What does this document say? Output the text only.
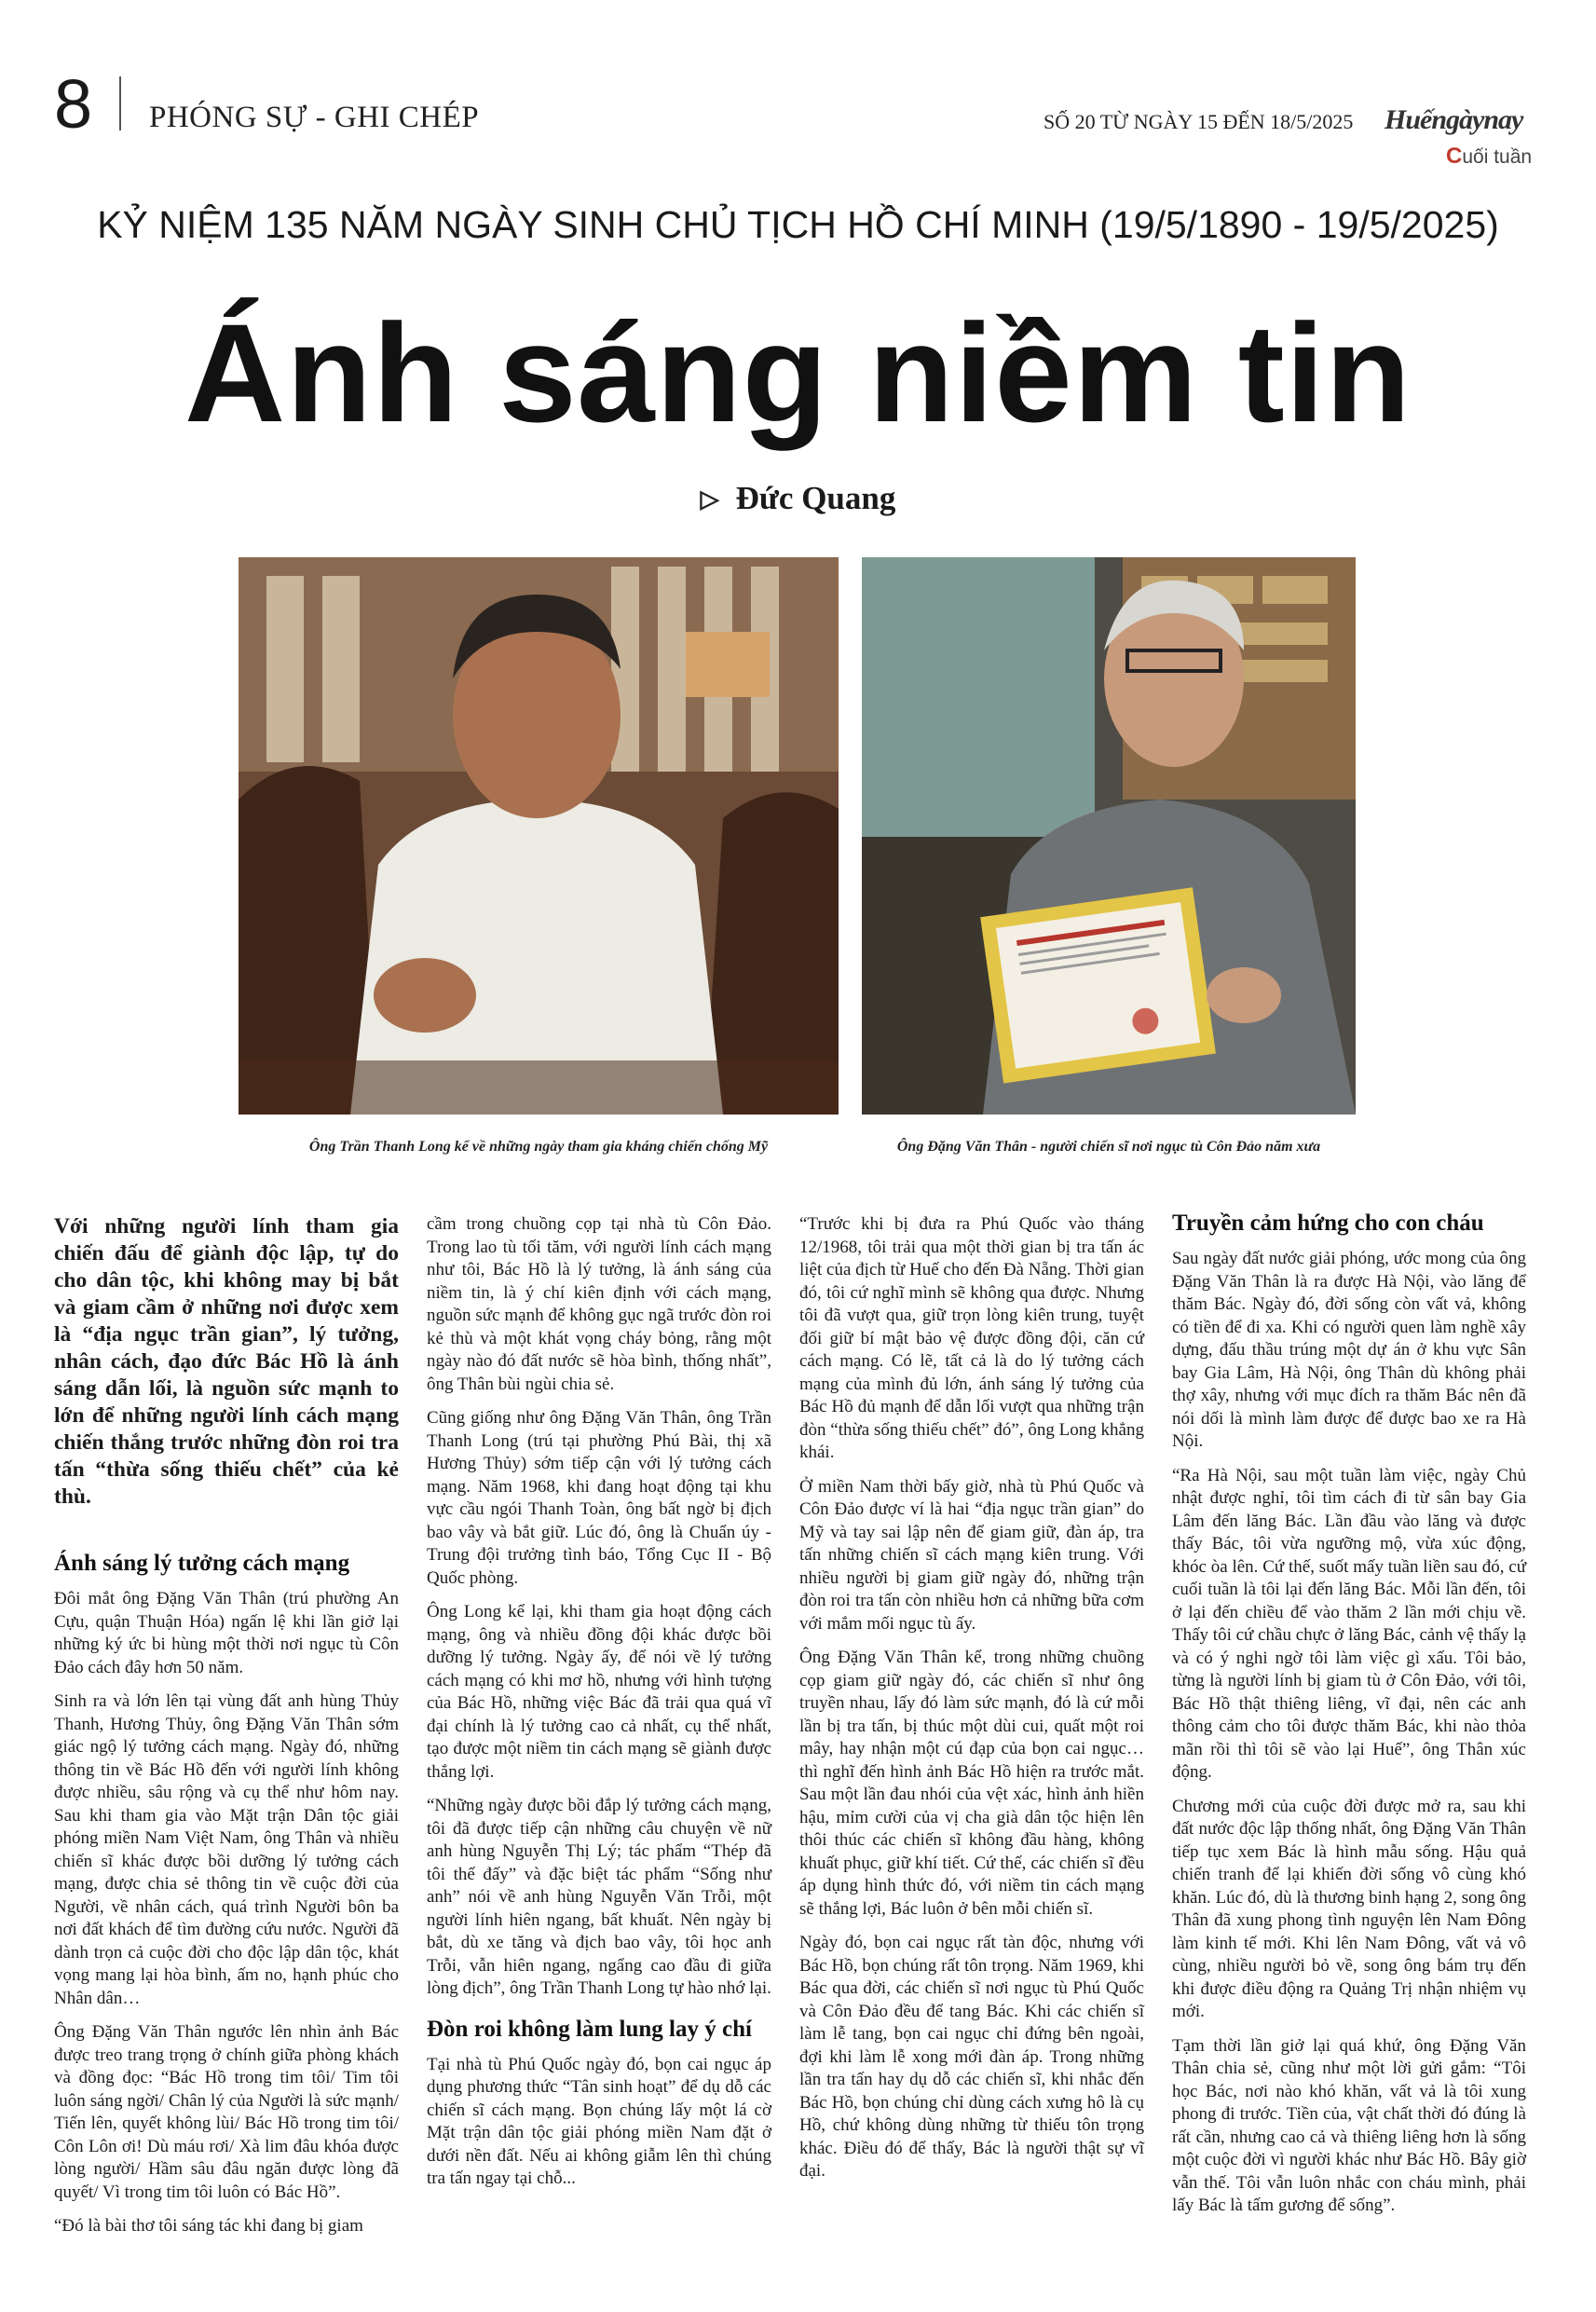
8 PHÓNG SỰ - GHI CHÉP	SỐ 20 TỪ NGÀY 15 ĐẾN 18/5/2025 Huếngàynay
Cuối tuần
KỶ NIỆM 135 NĂM NGÀY SINH CHỦ TỊCH HỒ CHÍ MINH (19/5/1890 - 19/5/2025)
Ánh sáng niềm tin
▷ Đức Quang
Ông Trần Thanh Long kể về những ngày tham gia kháng chiến chống Mỹ	Ông Đặng Văn Thân - người chiến sĩ nơi ngục tù Côn Đảo năm xưa

Với những người lính tham gia chiến đấu để giành độc lập, tự do cho dân tộc, khi không may bị bắt và giam cầm ở những nơi được xem là “địa ngục trần gian”, lý tưởng, nhân cách, đạo đức Bác Hồ là ánh sáng dẫn lối, là nguồn sức mạnh to lớn để những người lính cách mạng chiến thắng trước những đòn roi tra tấn “thừa sống thiếu chết” của kẻ thù.

Ánh sáng lý tưởng cách mạng

Đôi mắt ông Đặng Văn Thân (trú phường An Cựu, quận Thuận Hóa) ngấn lệ khi lần giở lại những ký ức bi hùng một thời nơi ngục tù Côn Đảo cách đây hơn 50 năm.

Sinh ra và lớn lên tại vùng đất anh hùng Thủy Thanh, Hương Thủy, ông Đặng Văn Thân sớm giác ngộ lý tưởng cách mạng. Ngày đó, những thông tin về Bác Hồ đến với người lính không được nhiều, sâu rộng và cụ thể như hôm nay. Sau khi tham gia vào Mặt trận Dân tộc giải phóng miền Nam Việt Nam, ông Thân và nhiều chiến sĩ khác được bồi dưỡng lý tưởng cách mạng, được chia sẻ thông tin về cuộc đời của Người, về nhân cách, quá trình Người bôn ba nơi đất khách để tìm đường cứu nước. Người đã dành trọn cả cuộc đời cho độc lập dân tộc, khát vọng mang lại hòa bình, ấm no, hạnh phúc cho Nhân dân…

Ông Đặng Văn Thân ngước lên nhìn ảnh Bác được treo trang trọng ở chính giữa phòng khách và đồng đọc: “Bác Hồ trong tim tôi/ Tim tôi luôn sáng ngời/ Chân lý của Người là sức mạnh/ Tiến lên, quyết không lùi/ Bác Hồ trong tim tôi/ Côn Lôn ơi! Dù máu rơi/ Xà lim đâu khóa được lòng người/ Hầm sâu đâu ngăn được lòng đã quyết/ Vì trong tim tôi luôn có Bác Hồ”.

“Đó là bài thơ tôi sáng tác khi đang bị giam

cầm trong chuồng cọp tại nhà tù Côn Đảo. Trong lao tù tối tăm, với người lính cách mạng như tôi, Bác Hồ là lý tưởng, là ánh sáng của niềm tin, là ý chí kiên định với cách mạng, nguồn sức mạnh để không gục ngã trước đòn roi kẻ thù và một khát vọng cháy bỏng, rằng một ngày nào đó đất nước sẽ hòa bình, thống nhất”, ông Thân bùi ngùi chia sẻ.

Cũng giống như ông Đặng Văn Thân, ông Trần Thanh Long (trú tại phường Phú Bài, thị xã Hương Thủy) sớm tiếp cận với lý tưởng cách mạng. Năm 1968, khi đang hoạt động tại khu vực cầu ngói Thanh Toàn, ông bất ngờ bị địch bao vây và bắt giữ. Lúc đó, ông là Chuẩn úy - Trung đội trưởng tình báo, Tổng Cục II - Bộ Quốc phòng.

Ông Long kể lại, khi tham gia hoạt động cách mạng, ông và nhiều đồng đội khác được bồi dưỡng lý tưởng. Ngày ấy, để nói về lý tưởng cách mạng có khi mơ hồ, nhưng với hình tượng của Bác Hồ, những việc Bác đã trải qua quá vĩ đại chính là lý tưởng cao cả nhất, cụ thể nhất, tạo được một niềm tin cách mạng sẽ giành được thắng lợi.

“Những ngày được bồi đắp lý tưởng cách mạng, tôi đã được tiếp cận những câu chuyện về nữ anh hùng Nguyễn Thị Lý; tác phẩm “Thép đã tôi thế đấy” và đặc biệt tác phẩm “Sống như anh” nói về anh hùng Nguyễn Văn Trỗi, một người lính hiên ngang, bất khuất. Nên ngày bị bắt, dù xe tăng và địch bao vây, tôi học anh Trỗi, vẫn hiên ngang, ngẩng cao đầu đi giữa lòng địch”, ông Trần Thanh Long tự hào nhớ lại.

Đòn roi không làm lung lay ý chí

Tại nhà tù Phú Quốc ngày đó, bọn cai ngục áp dụng phương thức “Tân sinh hoạt” để dụ dỗ các chiến sĩ cách mạng. Bọn chúng lấy một lá cờ Mặt trận dân tộc giải phóng miền Nam đặt ở dưới nền đất. Nếu ai không giẫm lên thì chúng tra tấn ngay tại chỗ...

“Trước khi bị đưa ra Phú Quốc vào tháng 12/1968, tôi trải qua một thời gian bị tra tấn ác liệt của địch từ Huế cho đến Đà Nẵng. Thời gian đó, tôi cứ nghĩ mình sẽ không qua được. Nhưng tôi đã vượt qua, giữ trọn lòng kiên trung, tuyệt đối giữ bí mật bảo vệ được đồng đội, căn cứ cách mạng. Có lẽ, tất cả là do lý tưởng cách mạng của mình đủ lớn, ánh sáng lý tưởng của Bác Hồ đủ mạnh để dẫn lối vượt qua những trận đòn “thừa sống thiếu chết” đó”, ông Long khẳng khái.

Ở miền Nam thời bấy giờ, nhà tù Phú Quốc và Côn Đảo được ví là hai “địa ngục trần gian” do Mỹ và tay sai lập nên để giam giữ, đàn áp, tra tấn những chiến sĩ cách mạng kiên trung. Với nhiều người bị giam giữ ngày đó, những trận đòn roi tra tấn còn nhiều hơn cả những bữa cơm với mắm mối ngục tù ấy.

Ông Đặng Văn Thân kể, trong những chuồng cọp giam giữ ngày đó, các chiến sĩ như ông truyền nhau, lấy đó làm sức mạnh, đó là cứ mỗi lần bị tra tấn, bị thúc một dùi cui, quất một roi mây, hay nhận một cú đạp của bọn cai ngục… thì nghĩ đến hình ảnh Bác Hồ hiện ra trước mắt. Sau một lần đau nhói của vệt xác, hình ảnh hiền hậu, mỉm cười của vị cha già dân tộc hiện lên thôi thúc các chiến sĩ không đầu hàng, không khuất phục, giữ khí tiết. Cứ thế, các chiến sĩ đều áp dụng hình thức đó, với niềm tin cách mạng sẽ thắng lợi, Bác luôn ở bên mỗi chiến sĩ.

Ngày đó, bọn cai ngục rất tàn độc, nhưng với Bác Hồ, bọn chúng rất tôn trọng. Năm 1969, khi Bác qua đời, các chiến sĩ nơi ngục tù Phú Quốc và Côn Đảo đều để tang Bác. Khi các chiến sĩ làm lễ tang, bọn cai ngục chỉ đứng bên ngoài, đợi khi làm lễ xong mới đàn áp. Trong những lần tra tấn hay dụ dỗ các chiến sĩ, khi nhắc đến Bác Hồ, bọn chúng chỉ dùng cách xưng hô là cụ Hồ, chứ không dùng những từ thiếu tôn trọng khác. Điều đó để thấy, Bác là người thật sự vĩ đại.

Truyền cảm hứng cho con cháu

Sau ngày đất nước giải phóng, ước mong của ông Đặng Văn Thân là ra được Hà Nội, vào lăng để thăm Bác. Ngày đó, đời sống còn vất vả, không có tiền để đi xa. Khi có người quen làm nghề xây dựng, đấu thầu trúng một dự án ở khu vực Sân bay Gia Lâm, Hà Nội, ông Thân dù không phải thợ xây, nhưng với mục đích ra thăm Bác nên đã nói dối là mình làm được để được bao xe ra Hà Nội.

“Ra Hà Nội, sau một tuần làm việc, ngày Chủ nhật được nghỉ, tôi tìm cách đi từ sân bay Gia Lâm đến lăng Bác. Lần đầu vào lăng và được thấy Bác, tôi vừa ngưỡng mộ, vừa xúc động, khóc òa lên. Cứ thế, suốt mấy tuần liền sau đó, cứ cuối tuần là tôi lại đến lăng Bác. Mỗi lần đến, tôi ở lại đến chiều để vào thăm 2 lần mới chịu về. Thấy tôi cứ chầu chực ở lăng Bác, cảnh vệ thấy lạ và có ý nghi ngờ tôi làm việc gì xấu. Tôi bảo, từng là người lính bị giam tù ở Côn Đảo, với tôi, Bác Hồ thật thiêng liêng, vĩ đại, nên các anh thông cảm cho tôi được thăm Bác, khi nào thỏa mãn rồi thì tôi sẽ vào lại Huế”, ông Thân xúc động.

Chương mới của cuộc đời được mở ra, sau khi đất nước độc lập thống nhất, ông Đặng Văn Thân tiếp tục xem Bác là hình mẫu sống. Hậu quả chiến tranh để lại khiến đời sống vô cùng khó khăn. Lúc đó, dù là thương binh hạng 2, song ông Thân đã xung phong tình nguyện lên Nam Đông làm kinh tế mới. Khi lên Nam Đông, vất vả vô cùng, nhiều người bỏ về, song ông bám trụ đến khi được điều động ra Quảng Trị nhận nhiệm vụ mới.

Tạm thời lần giở lại quá khứ, ông Đặng Văn Thân chia sẻ, cũng như một lời gửi gắm: “Tôi học Bác, nơi nào khó khăn, vất vả là tôi xung phong đi trước. Tiền của, vật chất thời đó đúng là rất cần, nhưng cao cả và thiêng liêng hơn là sống một cuộc đời vì người khác như Bác Hồ. Bây giờ vẫn thế. Tôi vẫn luôn nhắc con cháu mình, phải lấy Bác là tấm gương để sống”.
